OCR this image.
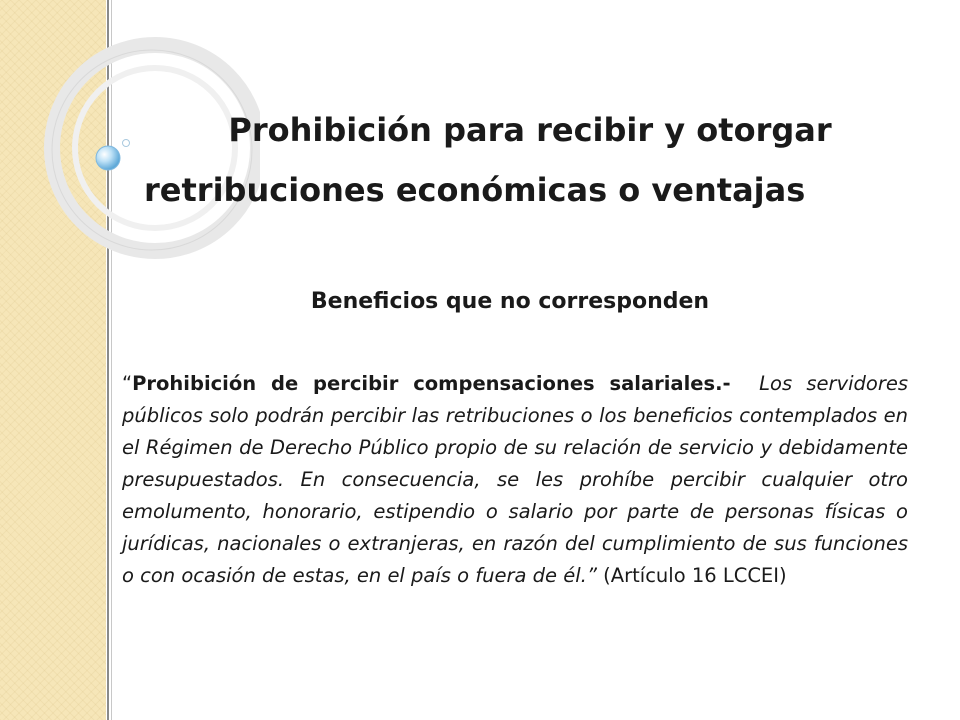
Prohibición para recibir y otorgar
retribuciones económicas o ventajas
Beneficios que no corresponden

“Prohibición de percibir compensaciones salariales.- Los servidores públicos solo podrán percibir las retribuciones o los beneficios contemplados en el Régimen de Derecho Público propio de su relación de servicio y debidamente presupuestados. En consecuencia, se les prohíbe percibir cualquier otro emolumento, honorario, estipendio o salario por parte de personas físicas o jurídicas, nacionales o extranjeras, en razón del cumplimiento de sus funciones o con ocasión de estas, en el país o fuera de él.” (Artículo 16 LCCEI)
